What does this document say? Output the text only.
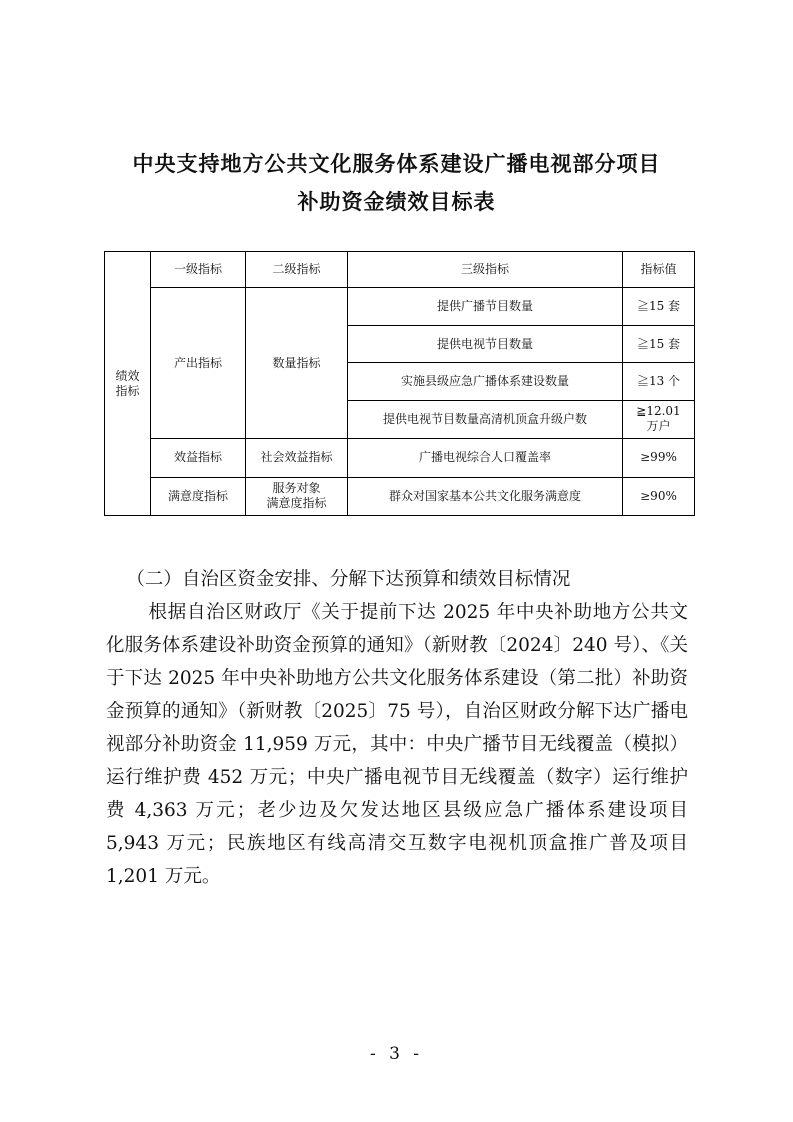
中央支持地方公共文化服务体系建设广播电视部分项目
补助资金绩效目标表
绩效
指标	一级指标	二级指标	三级指标	指标值
	产出指标	数量指标	提供广播节目数量	≧15 套
			提供电视节目数量	≧15 套
			实施县级应急广播体系建设数量	≧13 个
			提供电视节目数量高清机顶盒升级户数	≧12.01
万户
	效益指标	社会效益指标	广播电视综合人口覆盖率	≥99%
	满意度指标	服务对象
满意度指标	群众对国家基本公共文化服务满意度	≥90%

（二）自治区资金安排、分解下达预算和绩效目标情况

根据自治区财政厅《关于提前下达 2025 年中央补助地方公共文化服务体系建设补助资金预算的通知》（新财教〔2024〕240 号）、《关于下达 2025 年中央补助地方公共文化服务体系建设（第二批）补助资金预算的通知》（新财教〔2025〕75 号），自治区财政分解下达广播电视部分补助资金 11,959 万元，其中：中央广播节目无线覆盖（模拟）运行维护费 452 万元；中央广播电视节目无线覆盖（数字）运行维护费 4,363 万元；老少边及欠发达地区县级应急广播体系建设项目 5,943 万元；民族地区有线高清交互数字电视机顶盒推广普及项目 1,201 万元。

- 3 -
